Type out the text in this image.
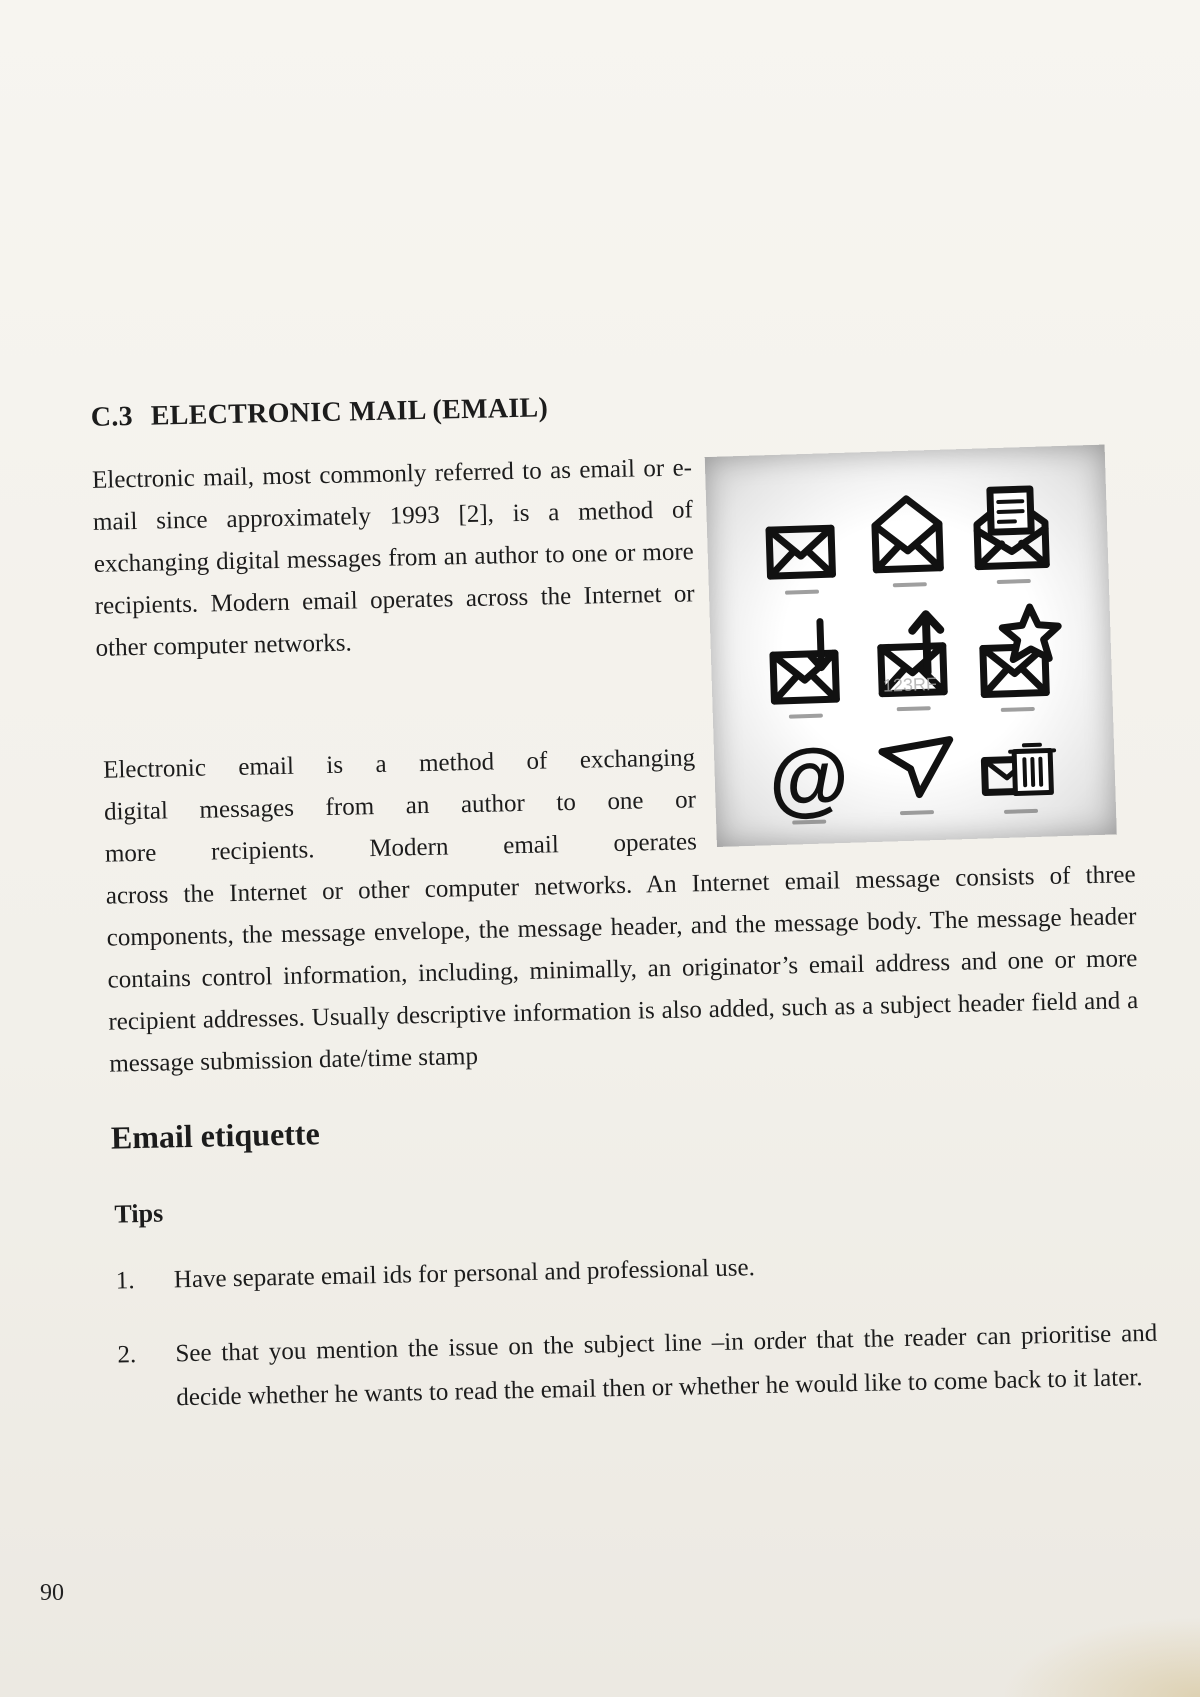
C.3 ELECTRONIC MAIL (EMAIL)

Electronic mail, most commonly referred to as email or e-mail since approximately 1993 [2], is a method of exchanging digital messages from an author to one or more recipients. Modern email operates across the Internet or other computer networks.

@
123RF

Electronic email is a method of exchanging
digital messages from an author to one or
more recipients. Modern email operates
across the Internet or other computer networks. An Internet email message consists of three components, the message envelope, the message header, and the message body. The message header contains control information, including, minimally, an originator’s email address and one or more recipient addresses. Usually descriptive information is also added, such as a subject header field and a message submission date/time stamp

Email etiquette
Tips
1.	Have separate email ids for personal and professional use.
2.	See that you mention the issue on the subject line –in order that the reader can prioritise and decide whether he wants to read the email then or whether he would like to come back to it later.
90
